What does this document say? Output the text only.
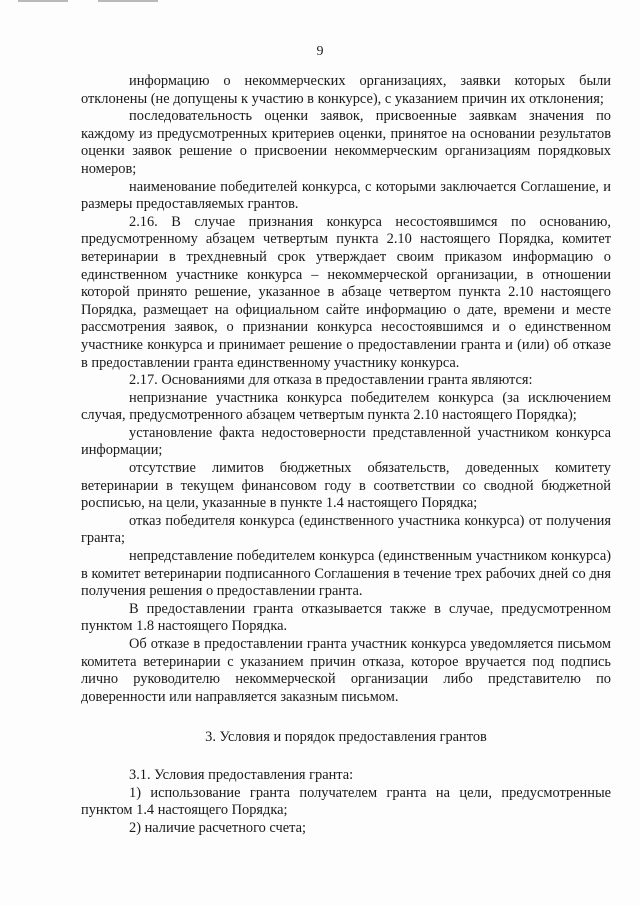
9

информацию о некоммерческих организациях, заявки которых были отклонены (не допущены к участию в конкурсе), с указанием причин их отклонения;

последовательность оценки заявок, присвоенные заявкам значения по каждому из предусмотренных критериев оценки, принятое на основании результатов оценки заявок решение о присвоении некоммерческим организациям порядковых номеров;

наименование победителей конкурса, с которыми заключается Соглашение, и размеры предоставляемых грантов.

2.16. В случае признания конкурса несостоявшимся по основанию, предусмотренному абзацем четвертым пункта 2.10 настоящего Порядка, комитет ветеринарии в трехдневный срок утверждает своим приказом информацию о единственном участнике конкурса – некоммерческой организации, в отношении которой принято решение, указанное в абзаце четвертом пункта 2.10 настоящего Порядка, размещает на официальном сайте информацию о дате, времени и месте рассмотрения заявок, о признании конкурса несостоявшимся и о единственном участнике конкурса и принимает решение о предоставлении гранта и (или) об отказе в предоставлении гранта единственному участнику конкурса.

2.17. Основаниями для отказа в предоставлении гранта являются:

непризнание участника конкурса победителем конкурса (за исключением случая, предусмотренного абзацем четвертым пункта 2.10 настоящего Порядка);

установление факта недостоверности представленной участником конкурса информации;

отсутствие лимитов бюджетных обязательств, доведенных комитету ветеринарии в текущем финансовом году в соответствии со сводной бюджетной росписью, на цели, указанные в пункте 1.4 настоящего Порядка;

отказ победителя конкурса (единственного участника конкурса) от получения гранта;

непредставление победителем конкурса (единственным участником конкурса) в комитет ветеринарии подписанного Соглашения в течение трех рабочих дней со дня получения решения о предоставлении гранта.

В предоставлении гранта отказывается также в случае, предусмотренном пунктом 1.8 настоящего Порядка.

Об отказе в предоставлении гранта участник конкурса уведомляется письмом комитета ветеринарии с указанием причин отказа, которое вручается под подпись лично руководителю некоммерческой организации либо представителю по доверенности или направляется заказным письмом.

3. Условия и порядок предоставления грантов

3.1. Условия предоставления гранта:

1) использование гранта получателем гранта на цели, предусмотренные пунктом 1.4 настоящего Порядка;

2) наличие расчетного счета;
